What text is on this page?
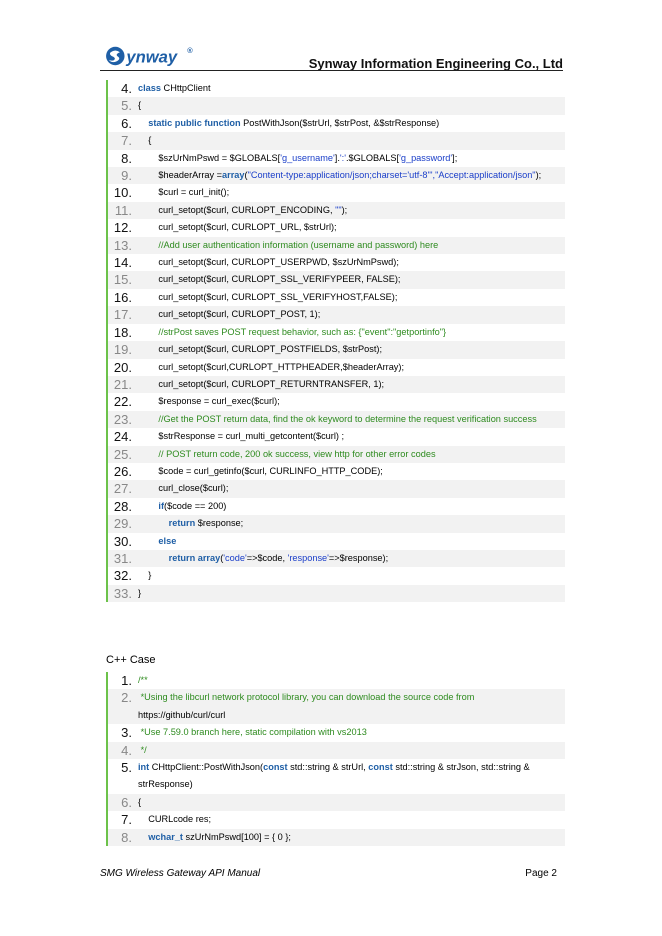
ynway ®
Synway Information Engineering Co., Ltd
4. class CHttpClient
5. {
6.	static public function PostWithJson($strUrl, $strPost, &$strResponse)
7. {
8. $szUrNmPswd = $GLOBALS['g_username'].':'.$GLOBALS['g_password'];
9. $headerArray =array("Content-type:application/json;charset='utf-8'","Accept:application/json");
10. $curl = curl_init();
11. curl_setopt($curl, CURLOPT_ENCODING, "");
12. curl_setopt($curl, CURLOPT_URL, $strUrl);
13.	//Add user authentication information (username and password) here
14. curl_setopt($curl, CURLOPT_USERPWD, $szUrNmPswd);
15. curl_setopt($curl, CURLOPT_SSL_VERIFYPEER, FALSE);
16. curl_setopt($curl, CURLOPT_SSL_VERIFYHOST,FALSE);
17. curl_setopt($curl, CURLOPT_POST, 1);
18.	//strPost saves POST request behavior, such as: {"event":"getportinfo"}
19. curl_setopt($curl, CURLOPT_POSTFIELDS, $strPost);
20. curl_setopt($curl,CURLOPT_HTTPHEADER,$headerArray);
21. curl_setopt($curl, CURLOPT_RETURNTRANSFER, 1);
22. $response = curl_exec($curl);
23.	//Get the POST return data, find the ok keyword to determine the request verification success
24. $strResponse = curl_multi_getcontent($curl) ;
25.	// POST return code, 200 ok success, view http for other error codes
26. $code = curl_getinfo($curl, CURLINFO_HTTP_CODE);
27. curl_close($curl);
28.	if($code == 200)
29.	return $response;
30.	else
31.	return array('code'=>$code, 'response'=>$response);
32. }
33. }
C++ Case
1. /**
2. *Using the libcurl network protocol library, you can download the source code from https://github/curl/curl
3. *Use 7.59.0 branch here, static compilation with vs2013
4. */
5. int CHttpClient::PostWithJson(const std::string & strUrl, const std::string & strJson, std::string & strResponse)
6. {
7. CURLcode res;
8.	wchar_t szUrNmPswd[100] = { 0 };
SMG Wireless Gateway API Manual	Page 2
